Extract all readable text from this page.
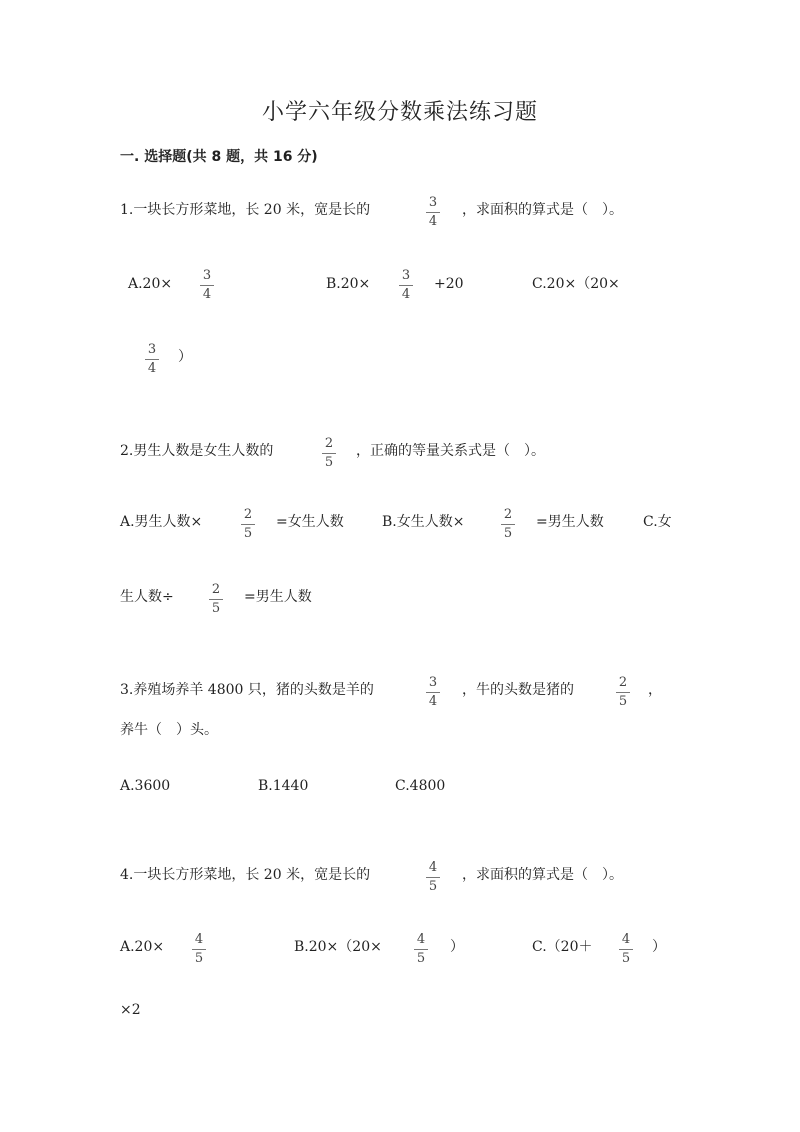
小学六年级分数乘法练习题
一. 选择题(共 8 题，共 16 分)
1.一块长方形菜地，长 20 米，宽是长的	3
4
，求面积的算式是（　）。
A.20×
3
4
B.20×
3
4
+20	C.20×（20×
3
4
）
2.男生人数是女生人数的	2
5
，正确的等量关系式是（　）。
A.男生人数×	2
5
=女生人数	B.女生人数×	2
5
=男生人数	C.女
生人数÷	2
5
=男生人数
3.养殖场养羊 4800 只，猪的头数是羊的	3
4
，牛的头数是猪的	2
5
，
养牛（　）头。
A.3600	B.1440	C.4800
4.一块长方形菜地，长 20 米，宽是长的	4
5
，求面积的算式是（　）。
A.20×	4
5
B.20×（20×	4
5
）	C.（20＋	4
5
）
×2
